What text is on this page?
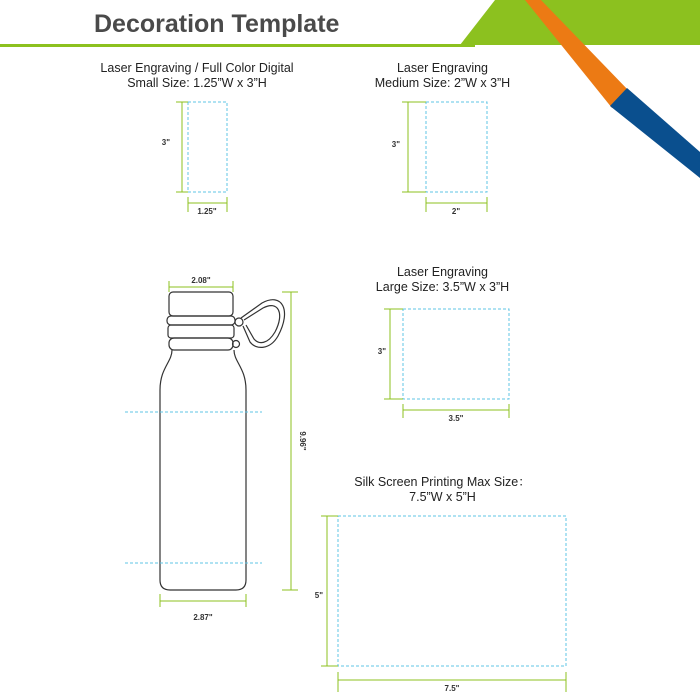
Decoration Template
Laser Engraving / Full Color Digital
Small Size: 1.25”W x 3”H
Laser Engraving
Medium Size: 2”W x 3”H
Laser Engraving
Large Size: 3.5”W x 3”H
Silk Screen Printing Max Size：
7.5”W x 5”H
3"
1.25"
3"
2"
3"
3.5"
5"
7.5"
2.08"
2.87"
9.96"
